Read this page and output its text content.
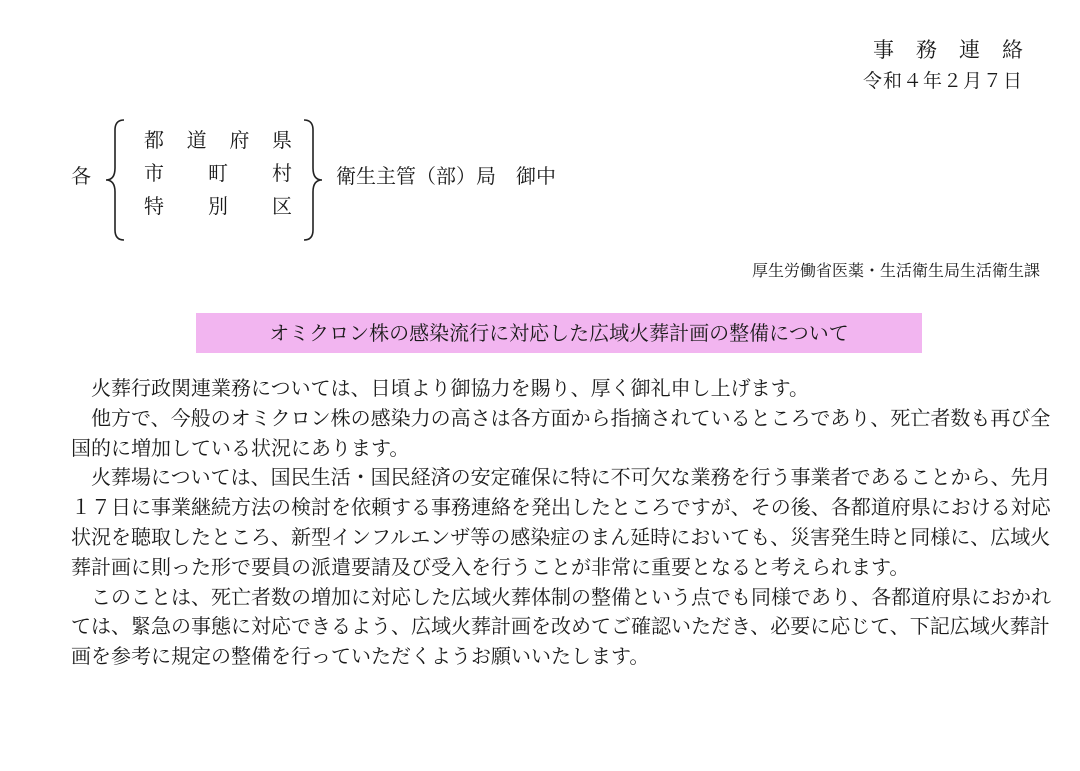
事務連絡
令和４年２月７日
各
都 道 府 県
市 町 村
特 別 区
衛生主管（部）局　御中
厚生労働省医薬・生活衛生局生活衛生課
オミクロン株の感染流行に対応した広域火葬計画の整備について

火葬行政関連業務については、日頃より御協力を賜り、厚く御礼申し上げます。

他方で、今般のオミクロン株の感染力の高さは各方面から指摘されているところであり、死亡者数も再び全国的に増加している状況にあります。

火葬場については、国民生活・国民経済の安定確保に特に不可欠な業務を行う事業者であることから、先月１７日に事業継続方法の検討を依頼する事務連絡を発出したところですが、その後、各都道府県における対応状況を聴取したところ、新型インフルエンザ等の感染症のまん延時においても、災害発生時と同様に、広域火葬計画に則った形で要員の派遣要請及び受入を行うことが非常に重要となると考えられます。

このことは、死亡者数の増加に対応した広域火葬体制の整備という点でも同様であり、各都道府県におかれては、緊急の事態に対応できるよう、広域火葬計画を改めてご確認いただき、必要に応じて、下記広域火葬計画を参考に規定の整備を行っていただくようお願いいたします。
